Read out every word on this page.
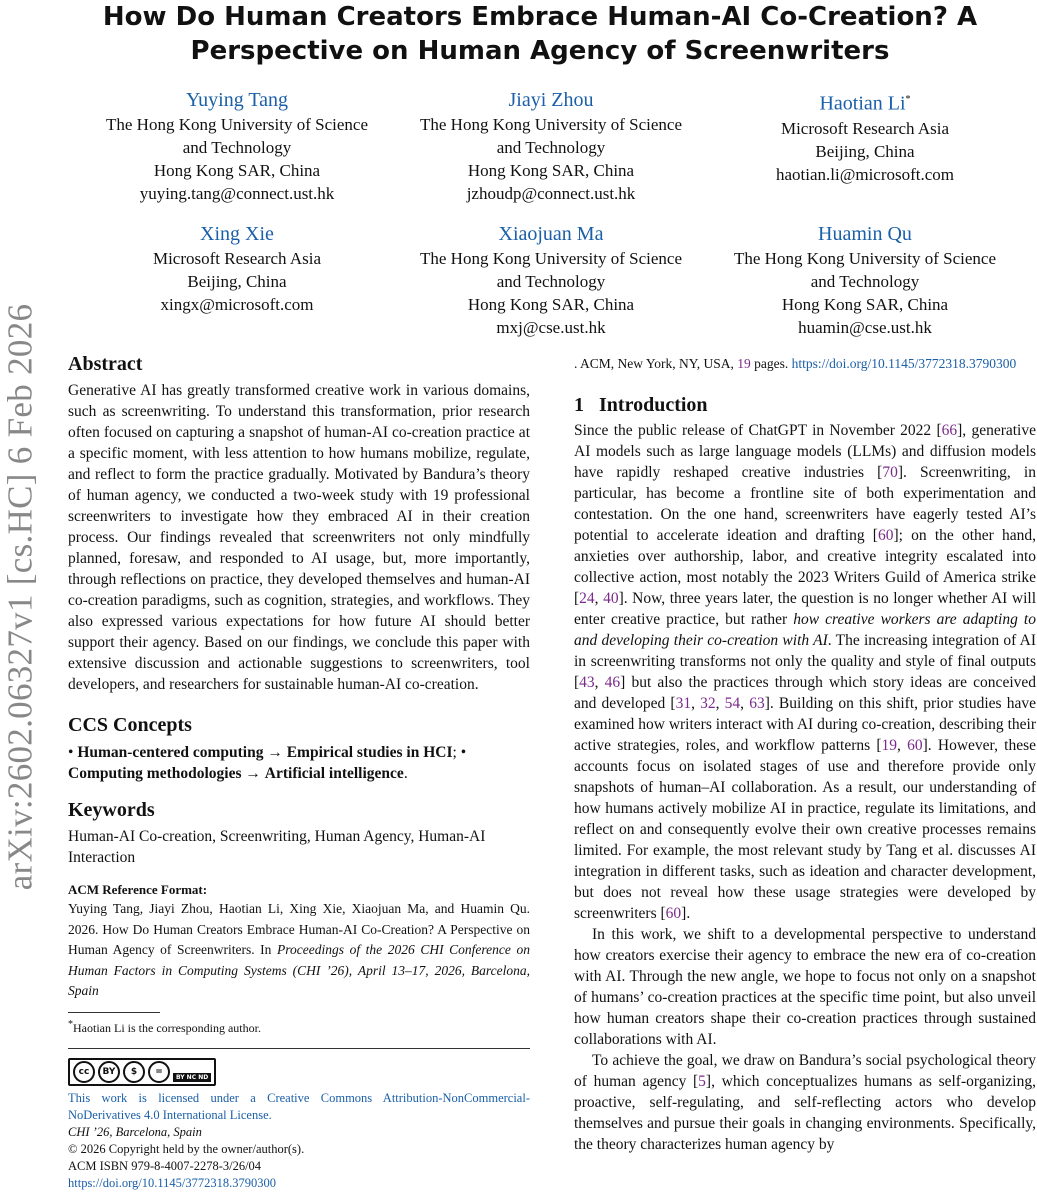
arXiv:2602.06327v1 [cs.HC] 6 Feb 2026
How Do Human Creators Embrace Human-AI Co-Creation? A
Perspective on Human Agency of Screenwriters
Yuying Tang
The Hong Kong University of Science
and Technology
Hong Kong SAR, China
yuying.tang@connect.ust.hk
Jiayi Zhou
The Hong Kong University of Science
and Technology
Hong Kong SAR, China
jzhoudp@connect.ust.hk
Haotian Li*
Microsoft Research Asia
Beijing, China
haotian.li@microsoft.com
Xing Xie
Microsoft Research Asia
Beijing, China
xingx@microsoft.com
Xiaojuan Ma
The Hong Kong University of Science
and Technology
Hong Kong SAR, China
mxj@cse.ust.hk
Huamin Qu
The Hong Kong University of Science
and Technology
Hong Kong SAR, China
huamin@cse.ust.hk
Abstract

Generative AI has greatly transformed creative work in various domains, such as screenwriting. To understand this transformation, prior research often focused on capturing a snapshot of human-AI co-creation practice at a specific moment, with less attention to how humans mobilize, regulate, and reflect to form the practice gradually. Motivated by Bandura’s theory of human agency, we conducted a two-week study with 19 professional screenwriters to investigate how they embraced AI in their creation process. Our findings revealed that screenwriters not only mindfully planned, foresaw, and responded to AI usage, but, more importantly, through reflections on practice, they developed themselves and human-AI co-creation paradigms, such as cognition, strategies, and workflows. They also expressed various expectations for how future AI should better support their agency. Based on our findings, we conclude this paper with extensive discussion and actionable suggestions to screenwriters, tool developers, and researchers for sustainable human-AI co-creation.

CCS Concepts

• Human-centered computing → Empirical studies in HCI; • Computing methodologies → Artificial intelligence.

Keywords

Human-AI Co-creation, Screenwriting, Human Agency, Human-AI Interaction

ACM Reference Format:

Yuying Tang, Jiayi Zhou, Haotian Li, Xing Xie, Xiaojuan Ma, and Huamin Qu. 2026. How Do Human Creators Embrace Human-AI Co-Creation? A Perspective on Human Agency of Screenwriters. In Proceedings of the 2026 CHI Conference on Human Factors in Computing Systems (CHI ’26), April 13–17, 2026, Barcelona, Spain

*Haotian Li is the corresponding author.

cc	BY	$	=
BY NC ND

This work is licensed under a Creative Commons Attribution-NonCommercial-NoDerivatives 4.0 International License.

CHI ’26, Barcelona, Spain

© 2026 Copyright held by the owner/author(s).

ACM ISBN 979-8-4007-2278-3/26/04

https://doi.org/10.1145/3772318.3790300

. ACM, New York, NY, USA, 19 pages. https://doi.org/10.1145/3772318.3790300

1 Introduction

Since the public release of ChatGPT in November 2022 [66], generative AI models such as large language models (LLMs) and diffusion models have rapidly reshaped creative industries [70]. Screenwriting, in particular, has become a frontline site of both experimentation and contestation. On the one hand, screenwriters have eagerly tested AI’s potential to accelerate ideation and drafting [60]; on the other hand, anxieties over authorship, labor, and creative integrity escalated into collective action, most notably the 2023 Writers Guild of America strike [24, 40]. Now, three years later, the question is no longer whether AI will enter creative practice, but rather how creative workers are adapting to and developing their co-creation with AI. The increasing integration of AI in screenwriting transforms not only the quality and style of final outputs [43, 46] but also the practices through which story ideas are conceived and developed [31, 32, 54, 63]. Building on this shift, prior studies have examined how writers interact with AI during co-creation, describing their active strategies, roles, and workflow patterns [19, 60]. However, these accounts focus on isolated stages of use and therefore provide only snapshots of human–AI collaboration. As a result, our understanding of how humans actively mobilize AI in practice, regulate its limitations, and reflect on and consequently evolve their own creative processes remains limited. For example, the most relevant study by Tang et al. discusses AI integration in different tasks, such as ideation and character development, but does not reveal how these usage strategies were developed by screenwriters [60].

In this work, we shift to a developmental perspective to understand how creators exercise their agency to embrace the new era of co-creation with AI. Through the new angle, we hope to focus not only on a snapshot of humans’ co-creation practices at the specific time point, but also unveil how human creators shape their co-creation practices through sustained collaborations with AI.

To achieve the goal, we draw on Bandura’s social psychological theory of human agency [5], which conceptualizes humans as self-organizing, proactive, self-regulating, and self-reflecting actors who develop themselves and pursue their goals in changing environments. Specifically, the theory characterizes human agency by
